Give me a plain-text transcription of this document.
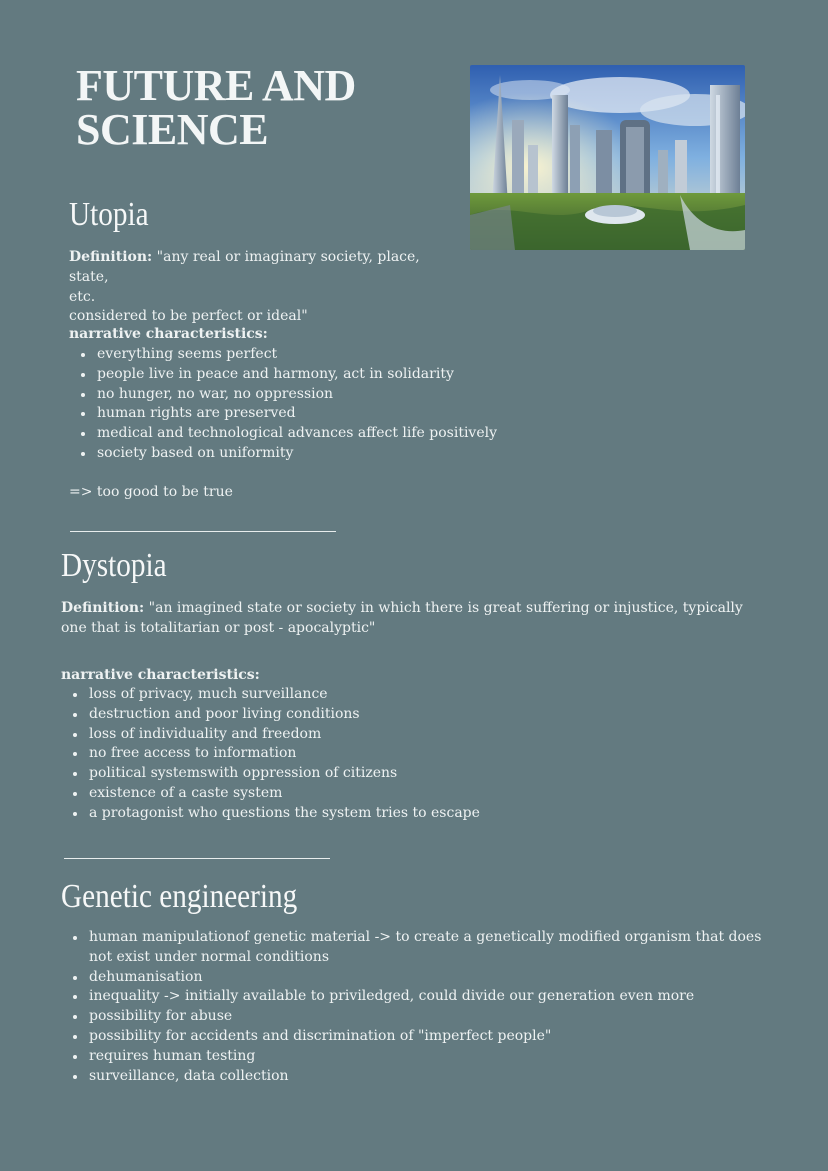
FUTURE AND
SCIENCE
Utopia
Definition: "any real or imaginary society, place, state,
etc.
considered to be perfect or ideal"
narrative characteristics:
everything seems perfect
people live in peace and harmony, act in solidarity
no hunger, no war, no oppression
human rights are preserved
medical and technological advances affect life positively
society based on uniformity
=> too good to be true
Dystopia
Definition: "an imagined state or society in which there is great suffering or injustice, typically
one that is totalitarian or post - apocalyptic"
narrative characteristics:
loss of privacy, much surveillance
destruction and poor living conditions
loss of individuality and freedom
no free access to information
political systemswith oppression of citizens
existence of a caste system
a protagonist who questions the system tries to escape
Genetic engineering
human manipulationof genetic material -> to create a genetically modified organism that does
not exist under normal conditions
dehumanisation
inequality -> initially available to priviledged, could divide our generation even more
possibility for abuse
possibility for accidents and discrimination of "imperfect people"
requires human testing
surveillance, data collection
